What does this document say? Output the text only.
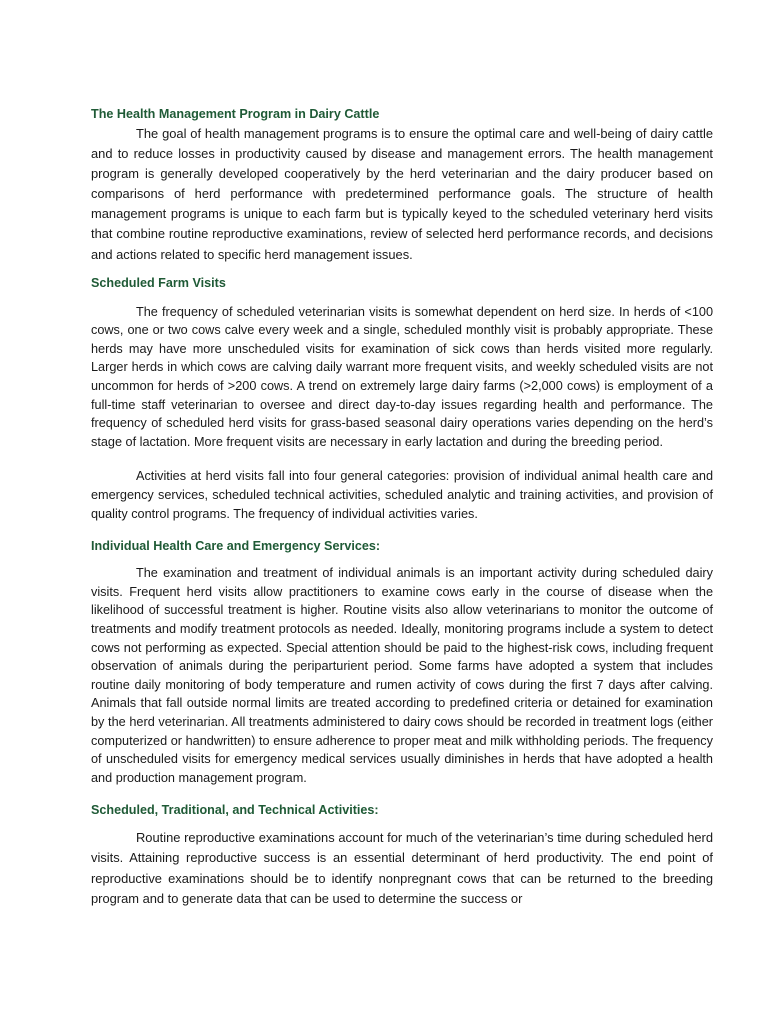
The Health Management Program in Dairy Cattle

The goal of health management programs is to ensure the optimal care and well-being of dairy cattle and to reduce losses in productivity caused by disease and management errors. The health management program is generally developed cooperatively by the herd veterinarian and the dairy producer based on comparisons of herd performance with predetermined performance goals. The structure of health management programs is unique to each farm but is typically keyed to the scheduled veterinary herd visits that combine routine reproductive examinations, review of selected herd performance records, and decisions and actions related to specific herd management issues.

Scheduled Farm Visits

The frequency of scheduled veterinarian visits is somewhat dependent on herd size. In herds of <100 cows, one or two cows calve every week and a single, scheduled monthly visit is probably appropriate. These herds may have more unscheduled visits for examination of sick cows than herds visited more regularly. Larger herds in which cows are calving daily warrant more frequent visits, and weekly scheduled visits are not uncommon for herds of >200 cows. A trend on extremely large dairy farms (>2,000 cows) is employment of a full-time staff veterinarian to oversee and direct day-to-day issues regarding health and performance. The frequency of scheduled herd visits for grass-based seasonal dairy operations varies depending on the herd’s stage of lactation. More frequent visits are necessary in early lactation and during the breeding period.

Activities at herd visits fall into four general categories: provision of individual animal health care and emergency services, scheduled technical activities, scheduled analytic and training activities, and provision of quality control programs. The frequency of individual activities varies.

Individual Health Care and Emergency Services:

The examination and treatment of individual animals is an important activity during scheduled dairy visits. Frequent herd visits allow practitioners to examine cows early in the course of disease when the likelihood of successful treatment is higher. Routine visits also allow veterinarians to monitor the outcome of treatments and modify treatment protocols as needed. Ideally, monitoring programs include a system to detect cows not performing as expected. Special attention should be paid to the highest-risk cows, including frequent observation of animals during the periparturient period. Some farms have adopted a system that includes routine daily monitoring of body temperature and rumen activity of cows during the first 7 days after calving. Animals that fall outside normal limits are treated according to predefined criteria or detained for examination by the herd veterinarian. All treatments administered to dairy cows should be recorded in treatment logs (either computerized or handwritten) to ensure adherence to proper meat and milk withholding periods. The frequency of unscheduled visits for emergency medical services usually diminishes in herds that have adopted a health and production management program.

Scheduled, Traditional, and Technical Activities:

Routine reproductive examinations account for much of the veterinarian’s time during scheduled herd visits. Attaining reproductive success is an essential determinant of herd productivity. The end point of reproductive examinations should be to identify nonpregnant cows that can be returned to the breeding program and to generate data that can be used to determine the success or
